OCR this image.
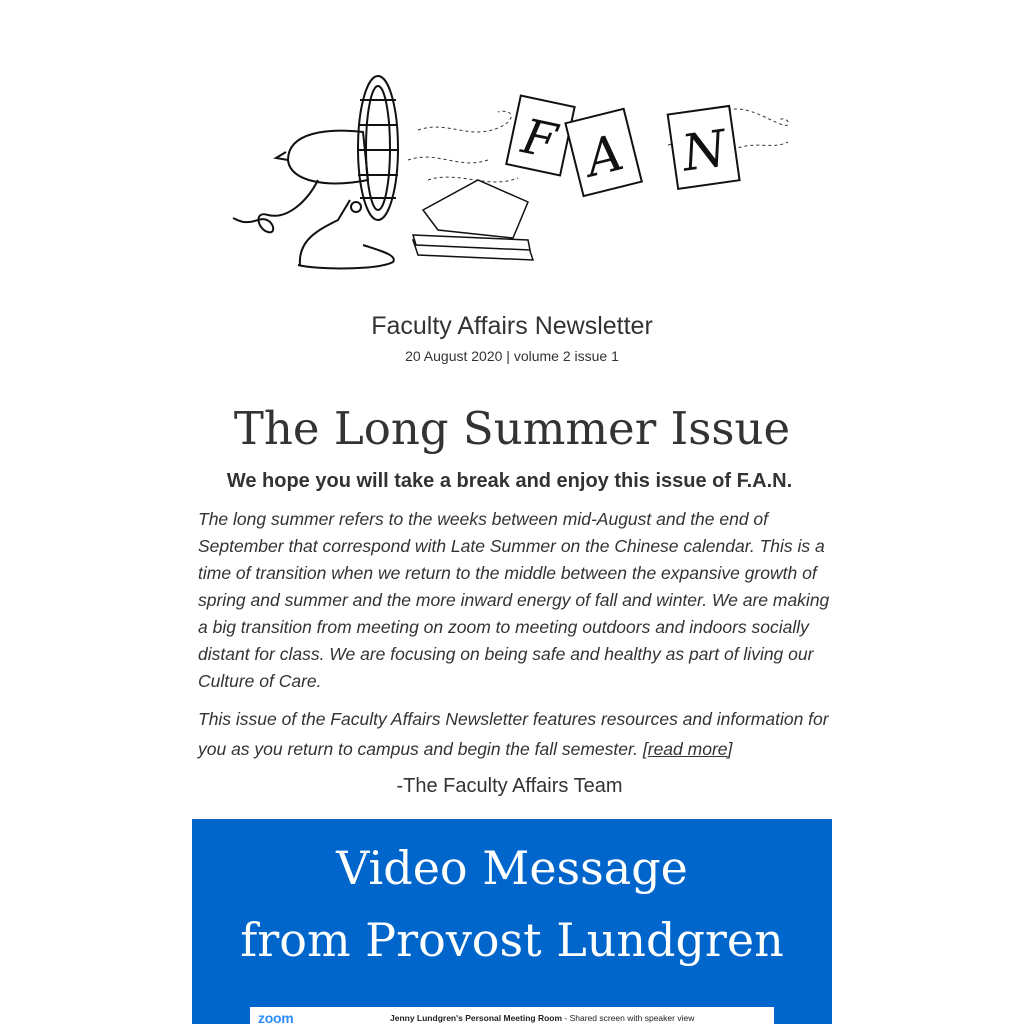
F A N
Faculty Affairs Newsletter
20 August 2020 | volume 2 issue 1
The Long Summer Issue
We hope you will take a break and enjoy this issue of F.A.N.

The long summer refers to the weeks between mid-August and the end of September that correspond with Late Summer on the Chinese calendar. This is a time of transition when we return to the middle between the expansive growth of spring and summer and the more inward energy of fall and winter. We are making a big transition from meeting on zoom to meeting outdoors and indoors socially distant for class. We are focusing on being safe and healthy as part of living our Culture of Care.

This issue of the Faculty Affairs Newsletter features resources and information for you as you return to campus and begin the fall semester. [read more]

-The Faculty Affairs Team
Video Message
from Provost Lundgren
zoom	Jenny Lundgren's Personal Meeting Room - Shared screen with speaker view
